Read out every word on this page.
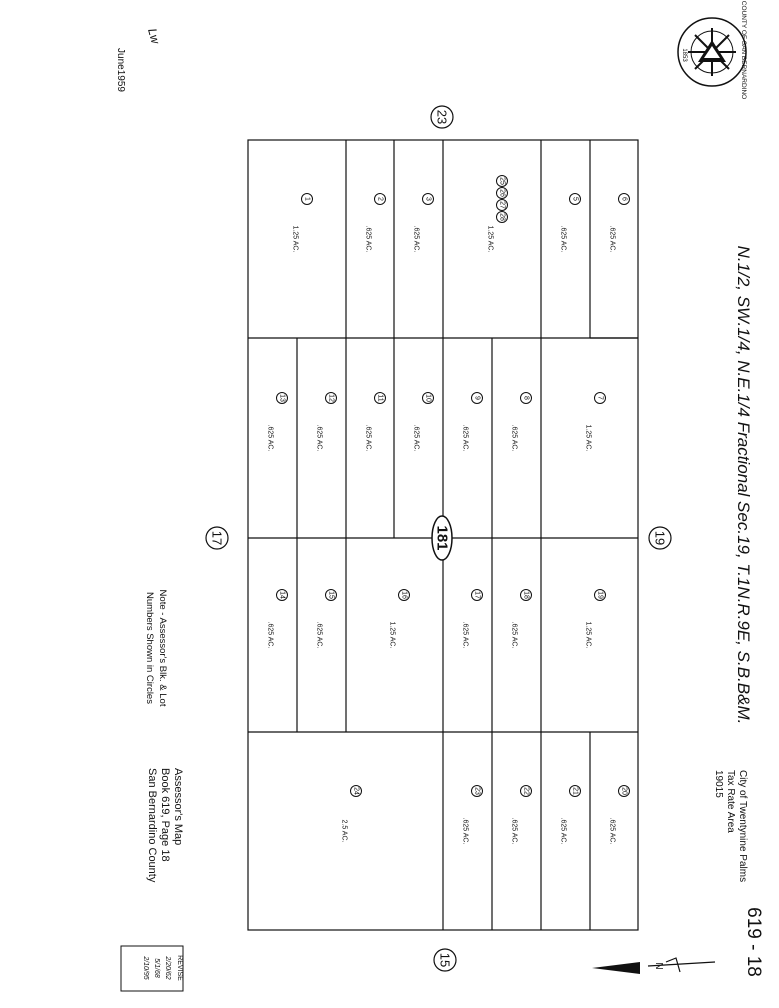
COUNTY OF SAN BERNARDINO
1853
June1959
Lw
N.1/2, SW.1/4, N.E.1/4 Fractional Sec.19, T.1N.R.9E, S.B.B&M.
619 - 18
City of Twentynine Palms
Tax Rate Area
19015
N
23
19
17
15
181
1
1.25 AC.
2
.625 AC.
3
.625 AC.
25
26
27
28
1.25 AC.
5
.625 AC.
6
.625 AC.
7
1.25 AC.
8
.625 AC.
9
.625 AC.
10
.625 AC.
11
.625 AC.
12
.625 AC.
13
.625 AC.
14
.625 AC.
15
.625 AC.
16
1.25 AC.
17
.625 AC.
18
.625 AC.
19
1.25 AC.
20
.625 AC.
21
.625 AC.
22
.625 AC.
23
.625 AC.
24
2.5 AC.
Note - Assessor's Blk. & Lot
Numbers Shown in Circles
Assessor's Map
Book 619, Page 18
San Bernardino County
REVISE
2/20/62
5/1/68
2/10/95
